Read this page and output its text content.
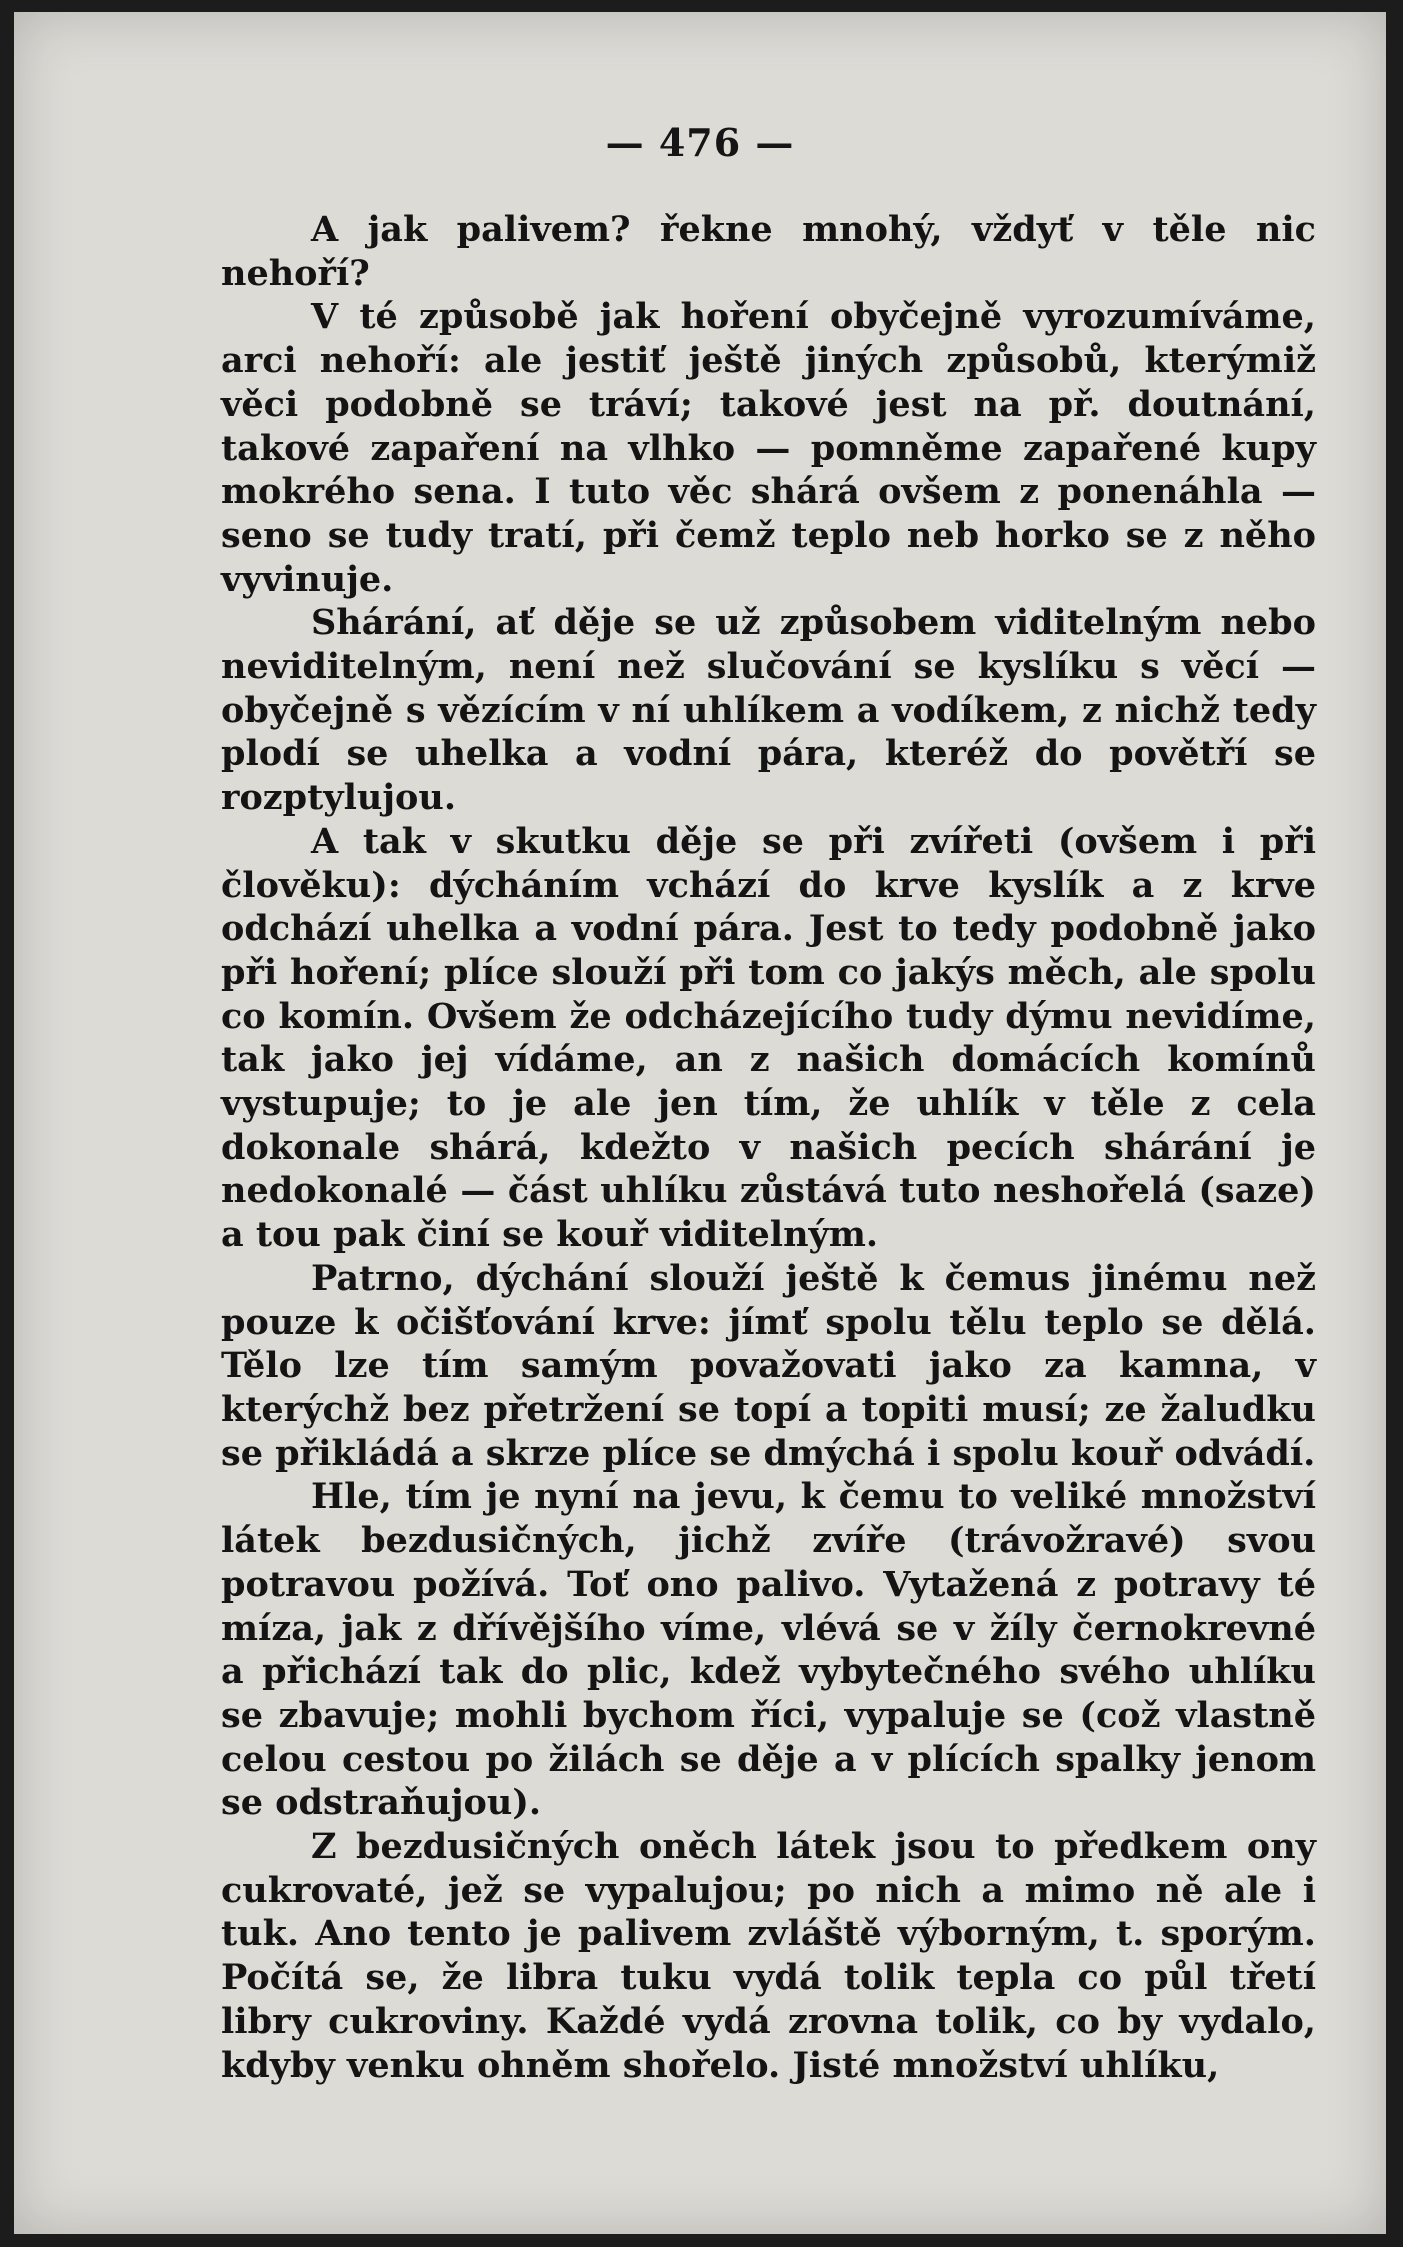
— 476 —

A jak palivem? řekne mnohý, vždyť v těle nic nehoří?

V té způsobě jak hoření obyčejně vyrozumíváme, arci nehoří: ale jestiť ještě jiných způsobů, kterýmiž věci podobně se tráví; takové jest na př. doutnání, takové zapaření na vlhko — pomněme zapařené kupy mokrého sena. I tuto věc shárá ovšem z ponenáhla — seno se tudy tratí, při čemž teplo neb horko se z něho vyvinuje.

Shárání, ať děje se už způsobem viditelným nebo neviditelným, není než slučování se kyslíku s věcí — obyčejně s vězícím v ní uhlíkem a vodíkem, z nichž tedy plodí se uhelka a vodní pára, kteréž do povětří se rozptylujou.

A tak v skutku děje se při zvířeti (ovšem i při člověku): dýcháním vchází do krve kyslík a z krve odchází uhelka a vodní pára. Jest to tedy podobně jako při hoření; plíce slouží při tom co jakýs měch, ale spolu co komín. Ovšem že odcházejícího tudy dýmu nevidíme, tak jako jej vídáme, an z našich domácích komínů vystupuje; to je ale jen tím, že uhlík v těle z cela dokonale shárá, kdežto v našich pecích shárání je nedokonalé — část uhlíku zůstává tuto neshořelá (saze) a tou pak činí se kouř viditelným.

Patrno, dýchání slouží ještě k čemus jinému než pouze k očišťování krve: jímť spolu tělu teplo se dělá. Tělo lze tím samým považovati jako za kamna, v kterýchž bez přetržení se topí a topiti musí; ze žaludku se přikládá a skrze plíce se dmýchá i spolu kouř odvádí.

Hle, tím je nyní na jevu, k čemu to veliké množství látek bezdusičných, jichž zvíře (trávožravé) svou potravou požívá. Toť ono palivo. Vytažená z potravy té míza, jak z dřívějšího víme, vlévá se v žíly černokrevné a přichází tak do plic, kdež vybytečného svého uhlíku se zbavuje; mohli bychom říci, vypaluje se (což vlastně celou cestou po žilách se děje a v plících spalky jenom se odstraňujou).

Z bezdusičných oněch látek jsou to předkem ony cukrovaté, jež se vypalujou; po nich a mimo ně ale i tuk. Ano tento je palivem zvláště výborným, t. sporým. Počítá se, že libra tuku vydá tolik tepla co půl třetí libry cukroviny. Každé vydá zrovna tolik, co by vydalo, kdyby venku ohněm shořelo. Jisté množství uhlíku,
